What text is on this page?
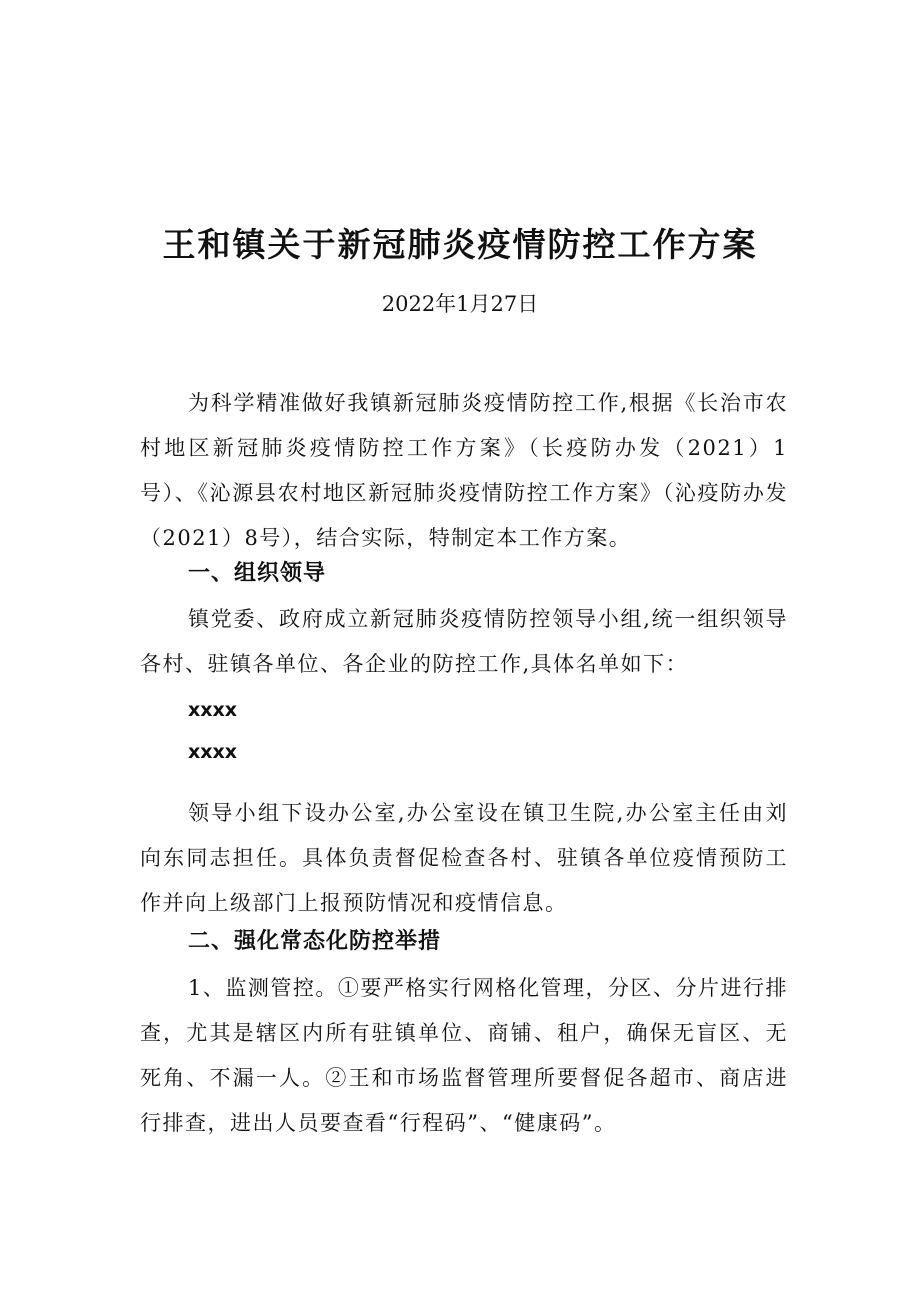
王和镇关于新冠肺炎疫情防控工作方案
2022年1月27日

为科学精准做好我镇新冠肺炎疫情防控工作,根据《长治市农村地区新冠肺炎疫情防控工作方案》（长疫防办发（2021）1号）、《沁源县农村地区新冠肺炎疫情防控工作方案》（沁疫防办发（2021）8号），结合实际，特制定本工作方案。

一、组织领导

镇党委、政府成立新冠肺炎疫情防控领导小组,统一组织领导各村、驻镇各单位、各企业的防控工作,具体名单如下：

xxxx
xxxx

领导小组下设办公室,办公室设在镇卫生院,办公室主任由刘向东同志担任。具体负责督促检查各村、驻镇各单位疫情预防工作并向上级部门上报预防情况和疫情信息。

二、强化常态化防控举措

1、监测管控。①要严格实行网格化管理，分区、分片进行排查，尤其是辖区内所有驻镇单位、商铺、租户，确保无盲区、无死角、不漏一人。②王和市场监督管理所要督促各超市、商店进行排查，进出人员要查看“行程码”、“健康码”。
